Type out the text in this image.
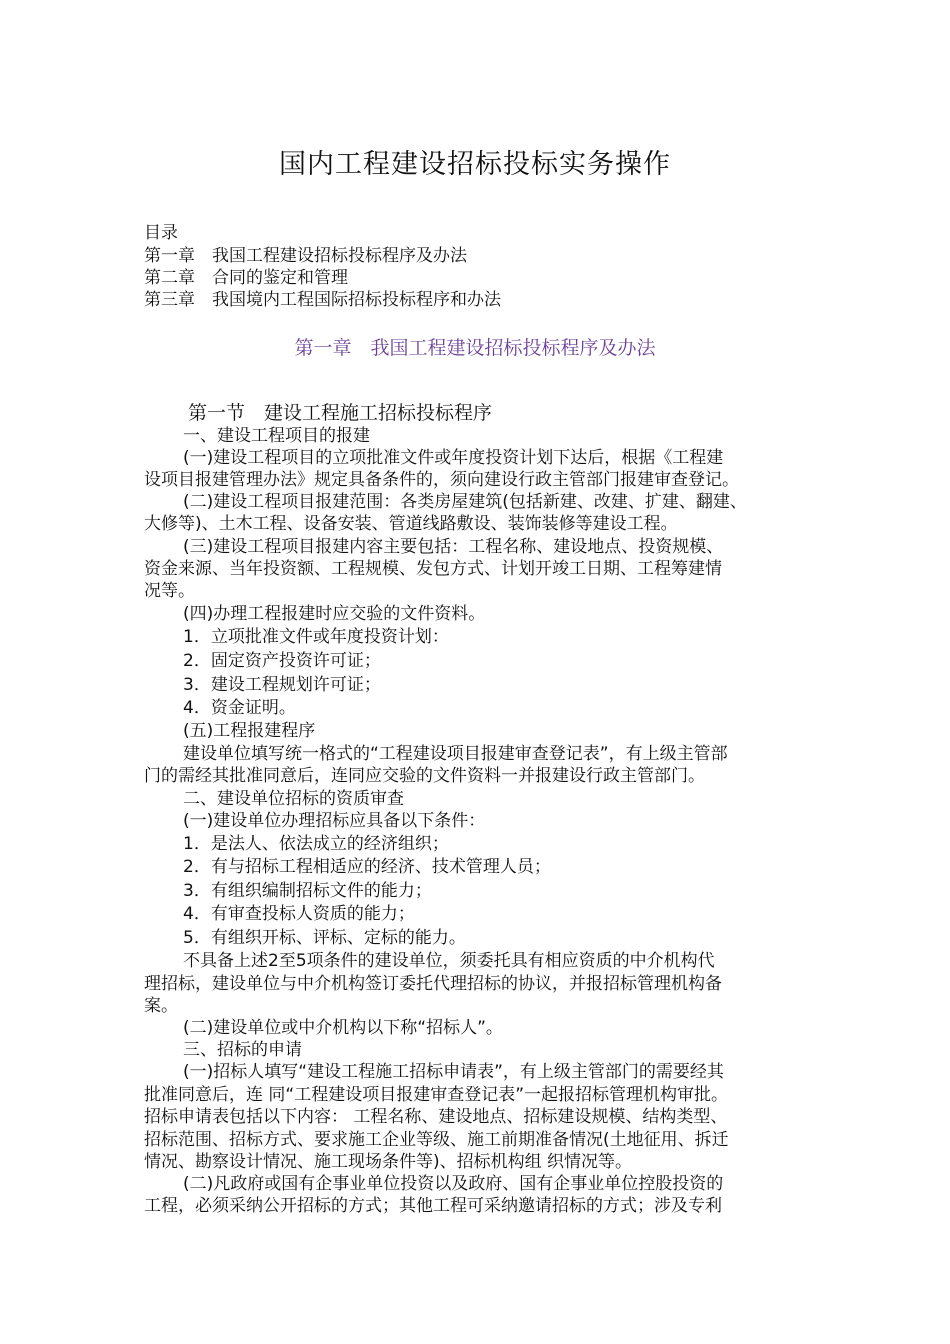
国内工程建设招标投标实务操作
目录
第一章　我国工程建设招标投标程序及办法
第二章　合同的鉴定和管理
第三章　我国境内工程国际招标投标程序和办法
第一章　我国工程建设招标投标程序及办法
第一节　建设工程施工招标投标程序
一、建设工程项目的报建
(一)建设工程项目的立项批准文件或年度投资计划下达后，根据《工程建
设项目报建管理办法》规定具备条件的，须向建设行政主管部门报建审查登记。
(二)建设工程项目报建范围：各类房屋建筑(包括新建、改建、扩建、翻建、
大修等)、土木工程、设备安装、管道线路敷设、装饰装修等建设工程。
(三)建设工程项目报建内容主要包括：工程名称、建设地点、投资规模、
资金来源、当年投资额、工程规模、发包方式、计划开竣工日期、工程筹建情
况等。
(四)办理工程报建时应交验的文件资料。
1．立项批准文件或年度投资计划：
2．固定资产投资许可证；
3．建设工程规划许可证；
4．资金证明。
(五)工程报建程序
建设单位填写统一格式的“工程建设项目报建审查登记表”，有上级主管部
门的需经其批准同意后，连同应交验的文件资料一并报建设行政主管部门。
二、建设单位招标的资质审查
(一)建设单位办理招标应具备以下条件：
1．是法人、依法成立的经济组织；
2．有与招标工程相适应的经济、技术管理人员；
3．有组织编制招标文件的能力；
4．有审查投标人资质的能力；
5．有组织开标、评标、定标的能力。
不具备上述2至5项条件的建设单位，须委托具有相应资质的中介机构代
理招标，建设单位与中介机构签订委托代理招标的协议，并报招标管理机构备
案。
(二)建设单位或中介机构以下称“招标人”。
三、招标的申请
(一)招标人填写“建设工程施工招标申请表”，有上级主管部门的需要经其
批准同意后，连 同“工程建设项目报建审查登记表”一起报招标管理机构审批。
招标申请表包括以下内容： 工程名称、建设地点、招标建设规模、结构类型、
招标范围、招标方式、要求施工企业等级、施工前期准备情况(土地征用、拆迁
情况、勘察设计情况、施工现场条件等)、招标机构组 织情况等。
(二)凡政府或国有企事业单位投资以及政府、国有企事业单位控股投资的
工程，必须采纳公开招标的方式；其他工程可采纳邀请招标的方式；涉及专利
